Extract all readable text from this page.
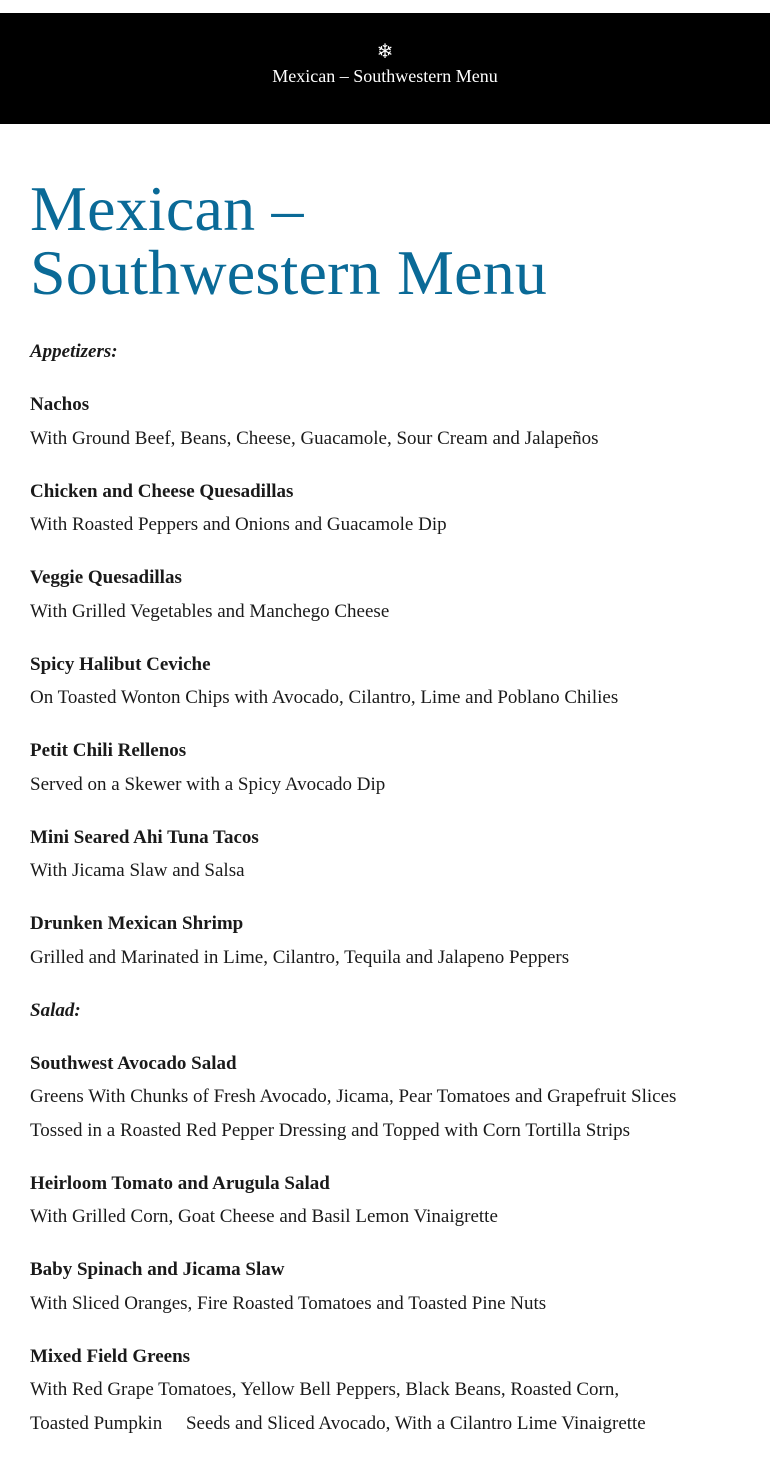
❄
Mexican – Southwestern Menu
Mexican –
Southwestern Menu

Appetizers:

Nachos

With Ground Beef, Beans, Cheese, Guacamole, Sour Cream and Jalapeños

Chicken and Cheese Quesadillas

With Roasted Peppers and Onions and Guacamole Dip

Veggie Quesadillas

With Grilled Vegetables and Manchego Cheese

Spicy Halibut Ceviche

On Toasted Wonton Chips with Avocado, Cilantro, Lime and Poblano Chilies

Petit Chili Rellenos

Served on a Skewer with a Spicy Avocado Dip

Mini Seared Ahi Tuna Tacos

With Jicama Slaw and Salsa

Drunken Mexican Shrimp

Grilled and Marinated in Lime, Cilantro, Tequila and Jalapeno Peppers

Salad:

Southwest Avocado Salad

Greens With Chunks of Fresh Avocado, Jicama, Pear Tomatoes and Grapefruit Slices

Tossed in a Roasted Red Pepper Dressing and Topped with Corn Tortilla Strips

Heirloom Tomato and Arugula Salad

With Grilled Corn, Goat Cheese and Basil Lemon Vinaigrette

Baby Spinach and Jicama Slaw

With Sliced Oranges, Fire Roasted Tomatoes and Toasted Pine Nuts

Mixed Field Greens

With Red Grape Tomatoes, Yellow Bell Peppers, Black Beans, Roasted Corn,

Toasted Pumpkin     Seeds and Sliced Avocado, With a Cilantro Lime Vinaigrette
